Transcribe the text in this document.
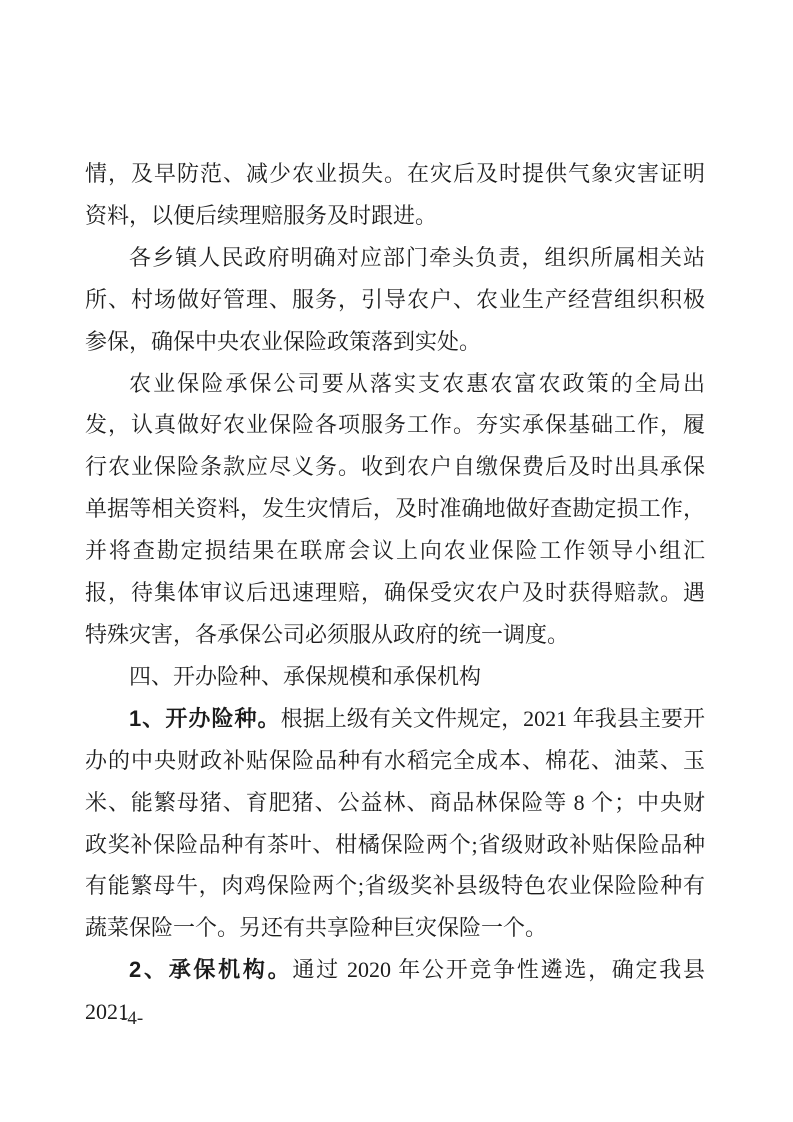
情，及早防范、减少农业损失。在灾后及时提供气象灾害证明
资料，以便后续理赔服务及时跟进。
各乡镇人民政府明确对应部门牵头负责，组织所属相关站
所、村场做好管理、服务，引导农户、农业生产经营组织积极
参保，确保中央农业保险政策落到实处。
农业保险承保公司要从落实支农惠农富农政策的全局出
发，认真做好农业保险各项服务工作。夯实承保基础工作，履
行农业保险条款应尽义务。收到农户自缴保费后及时出具承保
单据等相关资料，发生灾情后，及时准确地做好查勘定损工作，
并将查勘定损结果在联席会议上向农业保险工作领导小组汇
报，待集体审议后迅速理赔，确保受灾农户及时获得赔款。遇
特殊灾害，各承保公司必须服从政府的统一调度。
四、开办险种、承保规模和承保机构
1、开办险种。根据上级有关文件规定，2021 年我县主要开
办的中央财政补贴保险品种有水稻完全成本、棉花、油菜、玉
米、能繁母猪、育肥猪、公益林、商品林保险等 8 个；中央财
政奖补保险品种有茶叶、柑橘保险两个;省级财政补贴保险品种
有能繁母牛，肉鸡保险两个;省级奖补县级特色农业保险险种有
蔬菜保险一个。另还有共享险种巨灾保险一个。
2、承保机构。通过 2020 年公开竞争性遴选，确定我县 2021
-4-
